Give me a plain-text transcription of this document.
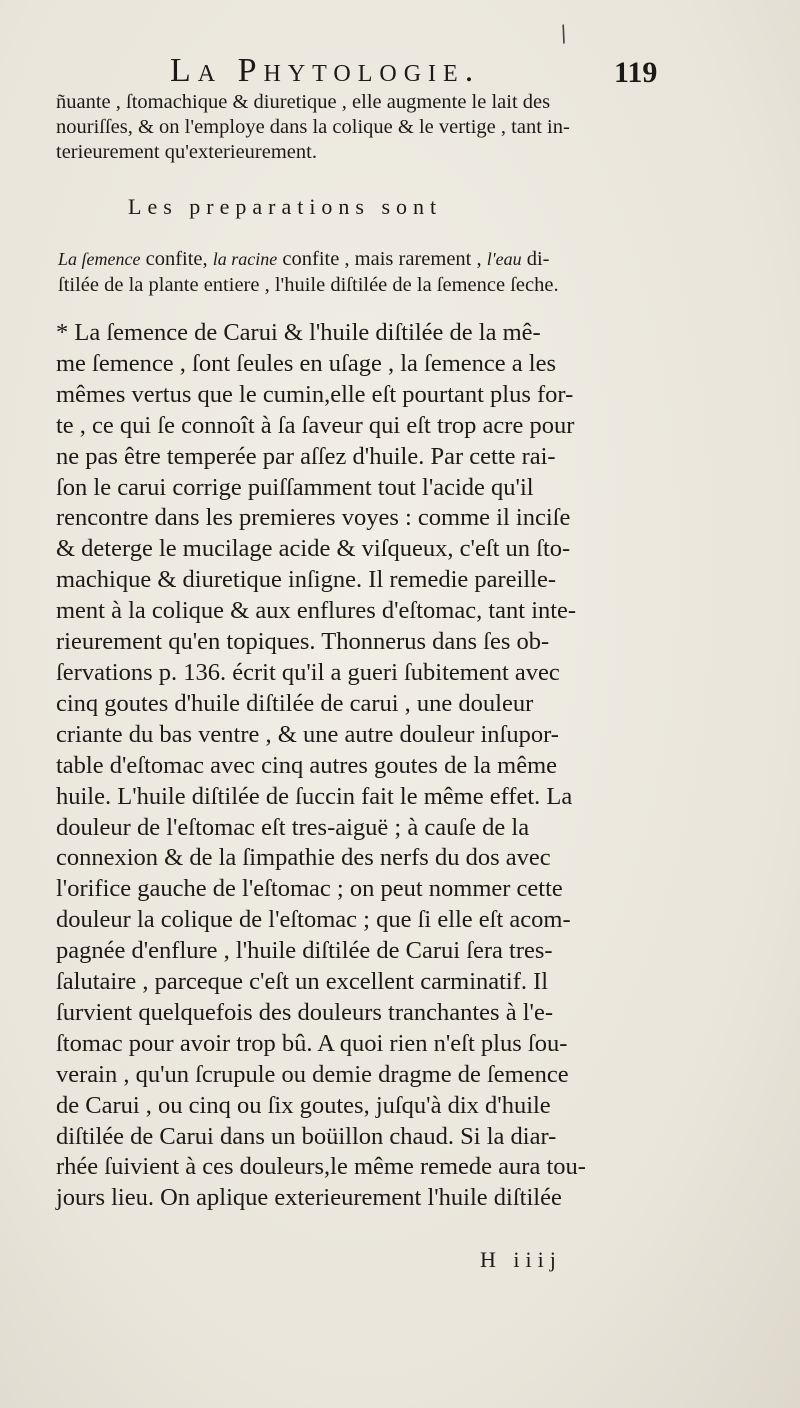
/
La Phytologie.	119
ñuante , ſtomachique & diuretique , elle augmente le lait des
nouriſſes, & on l'employe dans la colique & le vertige , tant in-
terieurement qu'exterieurement.
Les preparations sont
La ſemence confite, la racine confite , mais rarement , l'eau di-
ſtilée de la plante entiere , l'huile diſtilée de la ſemence ſeche.
* La ſemence de Carui & l'huile diſtilée de la mê-
me ſemence , ſont ſeules en uſage , la ſemence a les
mêmes vertus que le cumin,elle eſt pourtant plus for-
te , ce qui ſe connoît à ſa ſaveur qui eſt trop acre pour
ne pas être temperée par aſſez d'huile. Par cette rai-
ſon le carui corrige puiſſamment tout l'acide qu'il
rencontre dans les premieres voyes : comme il inciſe
& deterge le mucilage acide & viſqueux, c'eſt un ſto-
machique & diuretique inſigne. Il remedie pareille-
ment à la colique & aux enflures d'eſtomac, tant inte-
rieurement qu'en topiques. Thonnerus dans ſes ob-
ſervations p. 136. écrit qu'il a gueri ſubitement avec
cinq goutes d'huile diſtilée de carui , une douleur
criante du bas ventre , & une autre douleur inſupor-
table d'eſtomac avec cinq autres goutes de la même
huile. L'huile diſtilée de ſuccin fait le même effet. La
douleur de l'eſtomac eſt tres-aiguë ; à cauſe de la
connexion & de la ſimpathie des nerfs du dos avec
l'orifice gauche de l'eſtomac ; on peut nommer cette
douleur la colique de l'eſtomac ; que ſi elle eſt acom-
pagnée d'enflure , l'huile diſtilée de Carui ſera tres-
ſalutaire , parceque c'eſt un excellent carminatif. Il
ſurvient quelquefois des douleurs tranchantes à l'e-
ſtomac pour avoir trop bû. A quoi rien n'eſt plus ſou-
verain , qu'un ſcrupule ou demie dragme de ſemence
de Carui , ou cinq ou ſix goutes, juſqu'à dix d'huile
diſtilée de Carui dans un boüillon chaud. Si la diar-
rhée ſuivient à ces douleurs,le même remede aura tou-
jours lieu. On aplique exterieurement l'huile diſtilée
H iiij
